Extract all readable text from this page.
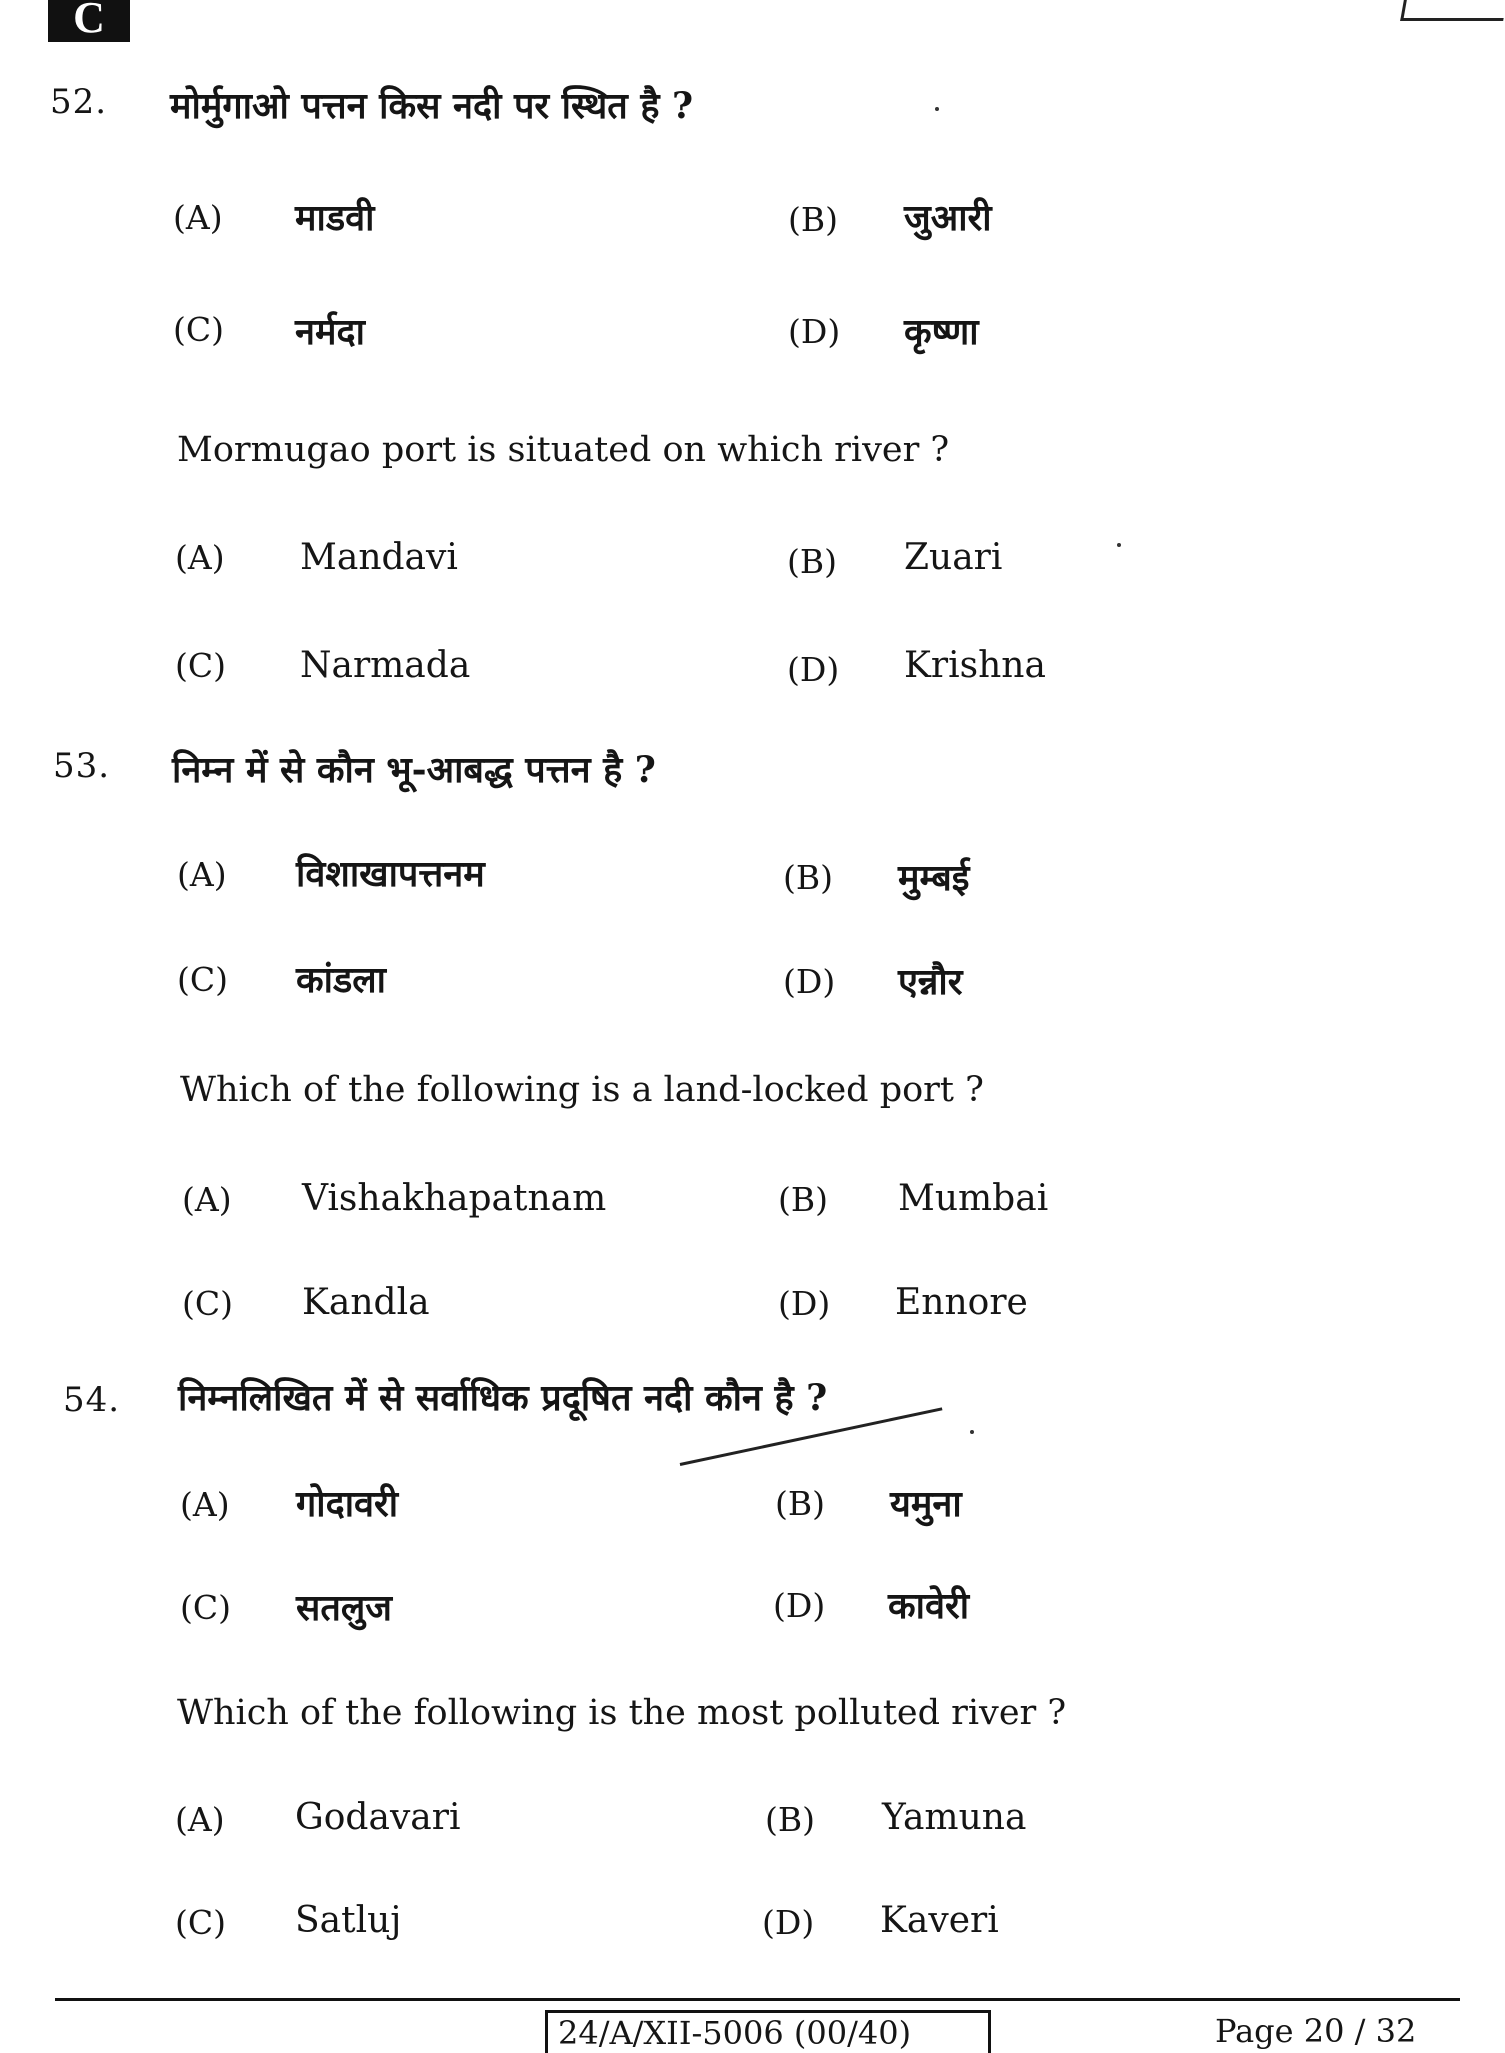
C
52. मोर्मुगाओ पत्तन किस नदी पर स्थित है ?
(A) माडवी	(B) जुआरी
(C) नर्मदा	(D) कृष्णा
Mormugao port is situated on which river ?
(A) Mandavi	(B) Zuari
(C) Narmada	(D) Krishna
53. निम्न में से कौन भू-आबद्ध पत्तन है ?
(A) विशाखापत्तनम	(B) मुम्बई
(C) कांडला	(D) एन्नौर
Which of the following is a land-locked port ?
(A) Vishakhapatnam	(B) Mumbai
(C) Kandla	(D) Ennore
54. निम्नलिखित में से सर्वाधिक प्रदूषित नदी कौन है ?
(A) गोदावरी	(B) यमुना
(C) सतलुज	(D) कावेरी
Which of the following is the most polluted river ?
(A) Godavari	(B) Yamuna
(C) Satluj	(D) Kaveri
24/A/XII-5006 (00/40)	Page 20 / 32
